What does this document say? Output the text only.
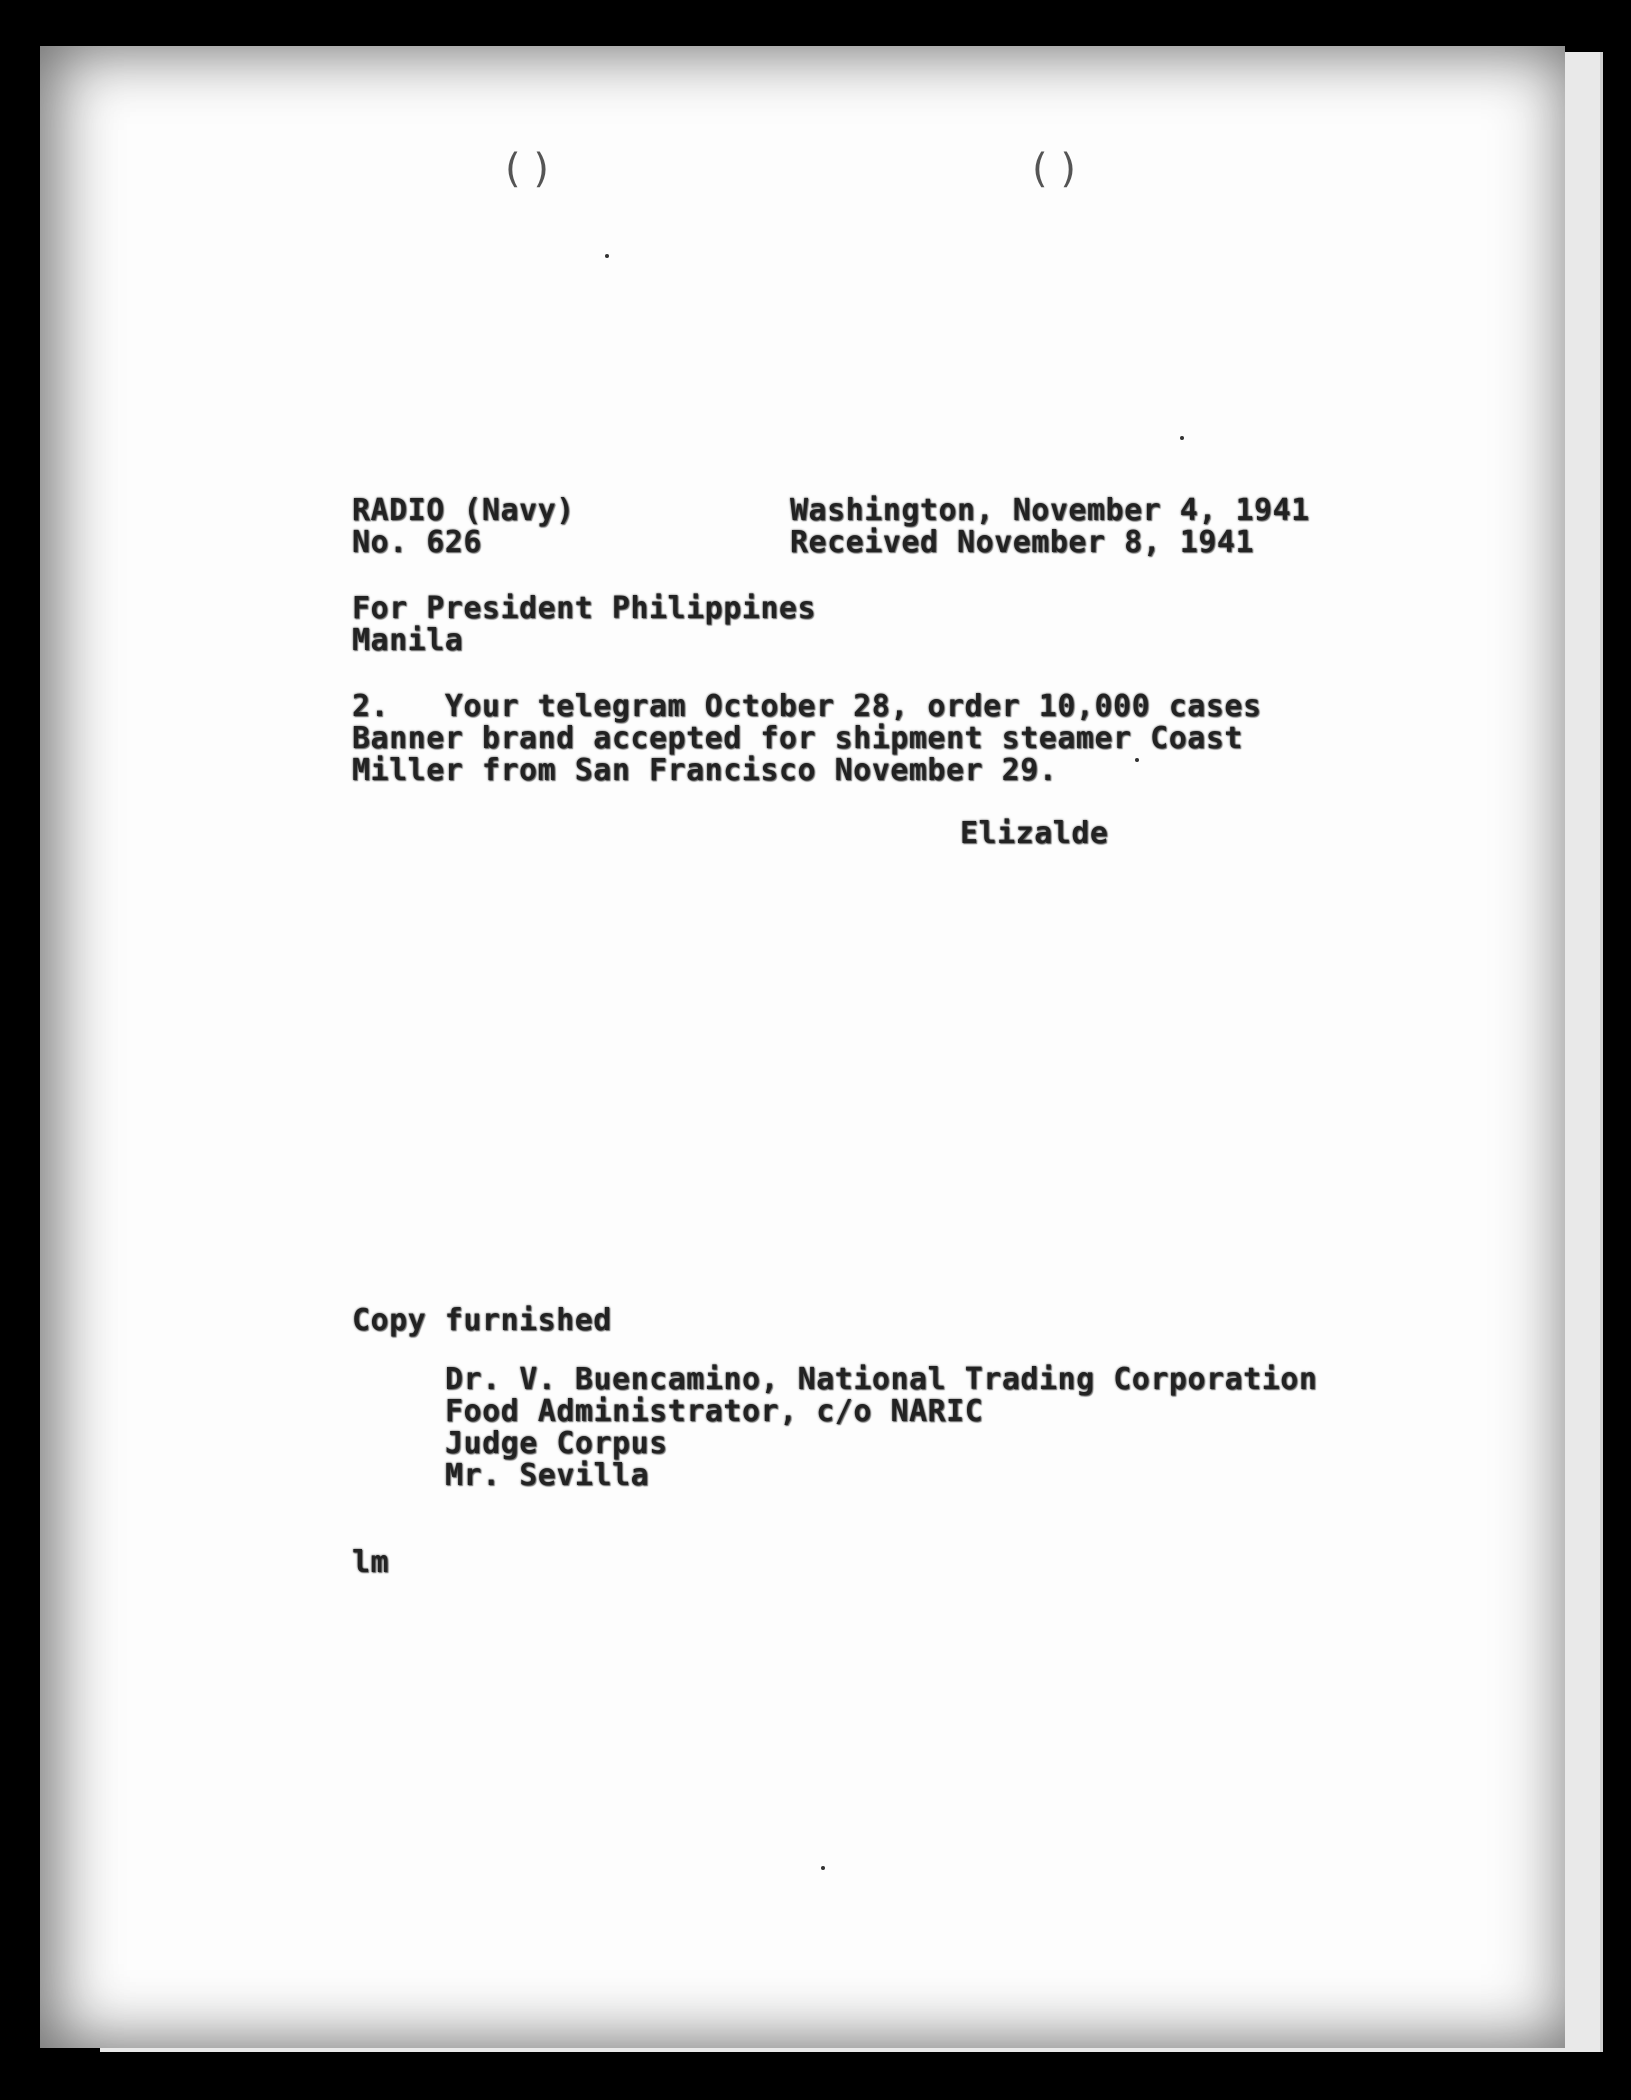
( )	( )
RADIO (Navy)
No. 626
Washington, November 4, 1941
Received November 8, 1941
For President Philippines
Manila
2.   Your telegram October 28, order 10,000 cases
Banner brand accepted for shipment steamer Coast
Miller from San Francisco November 29.
Elizalde
Copy furnished
Dr. V. Buencamino, National Trading Corporation
Food Administrator, c/o NARIC
Judge Corpus
Mr. Sevilla
lm
